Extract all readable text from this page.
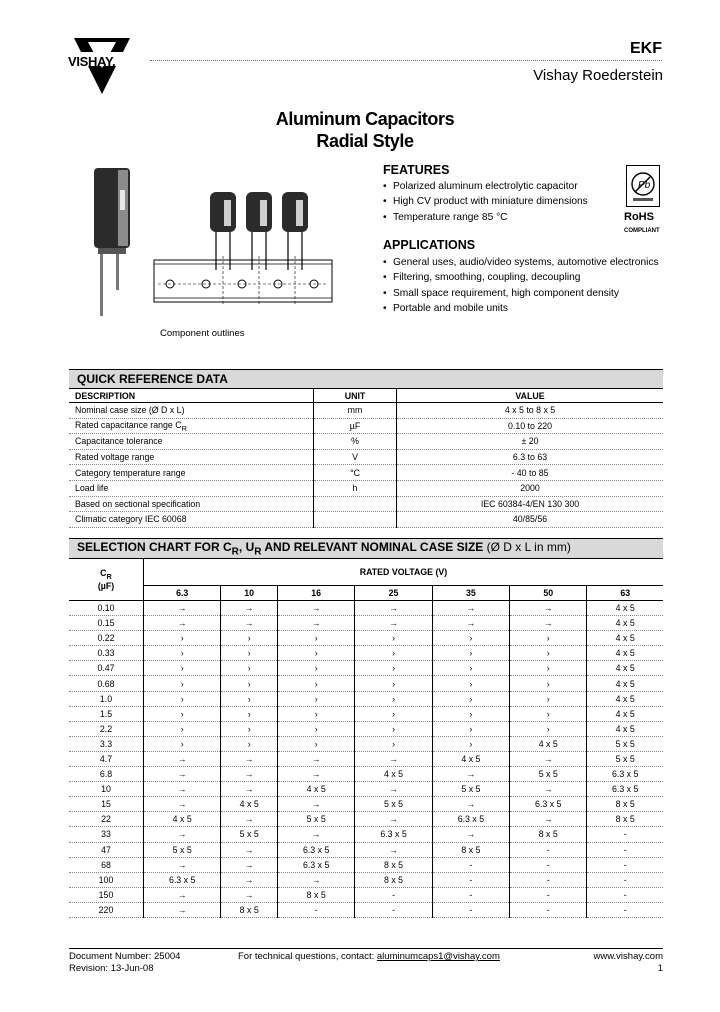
VISHAY.
EKF
Vishay Roederstein
Aluminum Capacitors
Radial Style
Component outlines
FEATURES
• Polarized aluminum electrolytic capacitor
• High CV product with miniature dimensions
• Temperature range 85 °C
APPLICATIONS
• General uses, audio/video systems, automotive electronics
• Filtering, smoothing, coupling, decoupling
• Small space requirement, high component density
• Portable and mobile units
Pb
RoHS
COMPLIANT
QUICK REFERENCE DATA		
DESCRIPTION	UNIT	VALUE
Nominal case size (Ø D x L)	mm	4 x 5 to 8 x 5
Rated capacitance range $C_R$	µF	0.10 to 220
Capacitance tolerance	%	± 20
Rated voltage range	V	6.3 to 63
Category temperature range	°C	- 40 to 85
Load life	h	2000
Based on sectional specification		IEC 60384-4/EN 130 300
Climatic category IEC 60068		40/85/56
SELECTION CHART FOR $C_R$, $U_R$ AND RELEVANT NOMINAL CASE SIZE (Ø D x L in mm)							
$C_R$
(µF)	RATED VOLTAGE (V)						
	6.3	10	16	25	35	50	63
0.10	→	→	→	→	→	→	4 x 5
0.15	→	→	→	→	→	→	4 x 5
0.22	›	›	›	›	›	›	4 x 5
0.33	›	›	›	›	›	›	4 x 5
0.47	›	›	›	›	›	›	4 x 5
0.68	›	›	›	›	›	›	4 x 5
1.0	›	›	›	›	›	›	4 x 5
1.5	›	›	›	›	›	›	4 x 5
2.2	›	›	›	›	›	›	4 x 5
3.3	›	›	›	›	›	4 x 5	5 x 5
4.7	→	→	→	→	4 x 5	→	5 x 5
6.8	→	→	→	4 x 5	→	5 x 5	6.3 x 5
10	→	→	4 x 5	→	5 x 5	→	6.3 x 5
15	→	4 x 5	→	5 x 5	→	6.3 x 5	8 x 5
22	4 x 5	→	5 x 5	→	6.3 x 5	→	8 x 5
33	→	5 x 5	→	6.3 x 5	→	8 x 5	-
47	5 x 5	→	6.3 x 5	→	8 x 5	-	-
68	→	→	6.3 x 5	8 x 5	-	-	-
100	6.3 x 5	→	→	8 x 5	-	-	-
150	→	→	8 x 5	-	-	-	-
220	→	8 x 5	-	-	-	-	-
Document Number: 25004
Revision: 13-Jun-08
For technical questions, contact: aluminumcaps1@vishay.com	www.vishay.com
1
